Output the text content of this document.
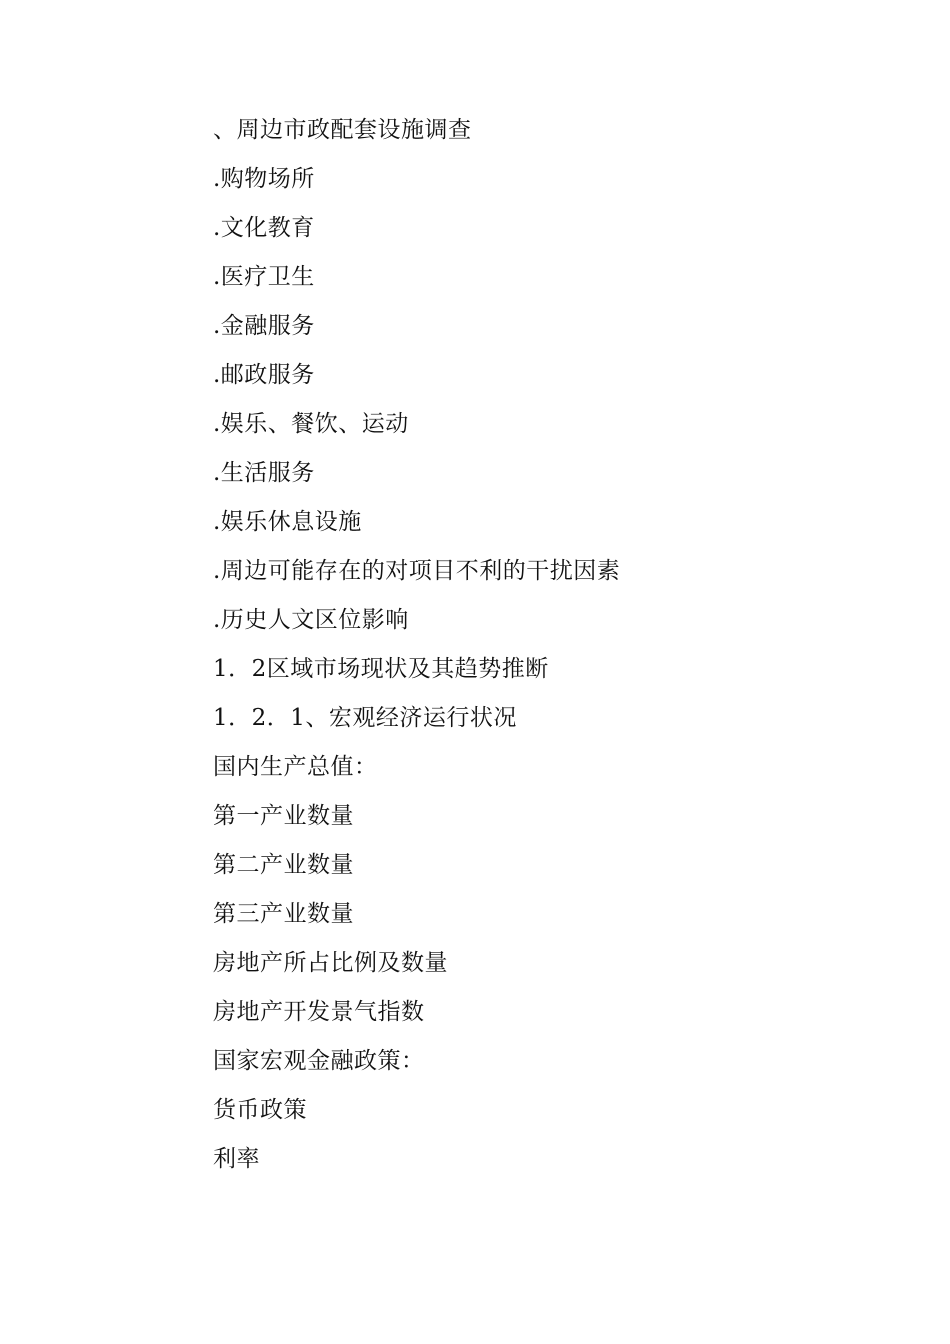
、周边市政配套设施调查
.购物场所
.文化教育
.医疗卫生
.金融服务
.邮政服务
.娱乐、餐饮、运动
.生活服务
.娱乐休息设施
.周边可能存在的对项目不利的干扰因素
.历史人文区位影响
1．2区域市场现状及其趋势推断
1．2．1、宏观经济运行状况
国内生产总值：
第一产业数量
第二产业数量
第三产业数量
房地产所占比例及数量
房地产开发景气指数
国家宏观金融政策：
货币政策
利率
